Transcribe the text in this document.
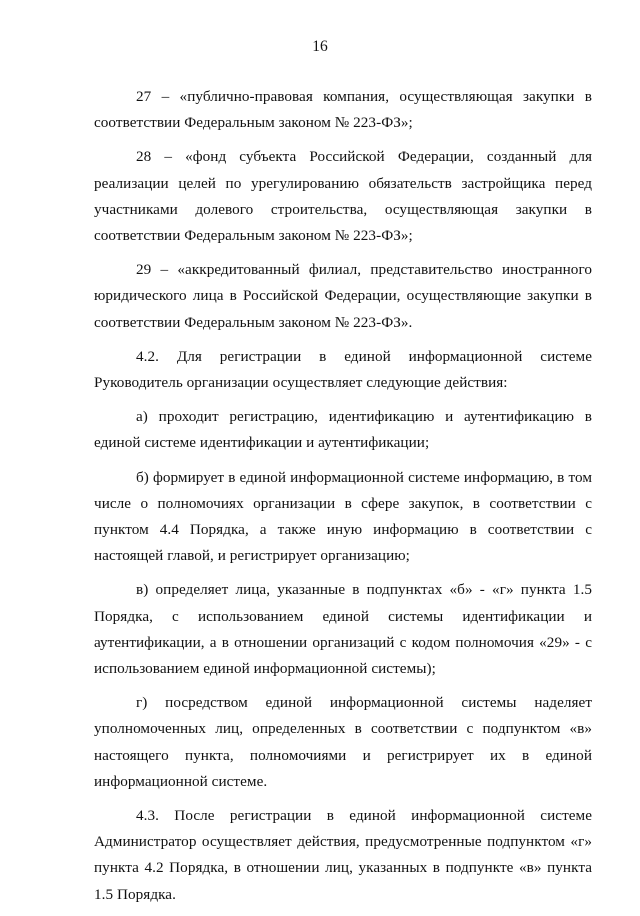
16

27 – «публично-правовая компания, осуществляющая закупки в соответствии Федеральным законом № 223-ФЗ»;

28 – «фонд субъекта Российской Федерации, созданный для реализации целей по урегулированию обязательств застройщика перед участниками долевого строительства, осуществляющая закупки в соответствии Федеральным законом № 223-ФЗ»;

29 – «аккредитованный филиал, представительство иностранного юридического лица в Российской Федерации, осуществляющие закупки в соответствии Федеральным законом № 223-ФЗ».

4.2. Для регистрации в единой информационной системе Руководитель организации осуществляет следующие действия:

а) проходит регистрацию, идентификацию и аутентификацию в единой системе идентификации и аутентификации;

б) формирует в единой информационной системе информацию, в том числе о полномочиях организации в сфере закупок, в соответствии с пунктом 4.4 Порядка, а также иную информацию в соответствии с настоящей главой, и регистрирует организацию;

в) определяет лица, указанные в подпунктах «б» - «г» пункта 1.5 Порядка, с использованием единой системы идентификации и аутентификации, а в отношении организаций с кодом полномочия «29» - с использованием единой информационной системы);

г) посредством единой информационной системы наделяет уполномоченных лиц, определенных в соответствии с подпунктом «в» настоящего пункта, полномочиями и регистрирует их в единой информационной системе.

4.3. После регистрации в единой информационной системе Администратор осуществляет действия, предусмотренные подпунктом «г» пункта 4.2 Порядка, в отношении лиц, указанных в подпункте «в» пункта 1.5 Порядка.
